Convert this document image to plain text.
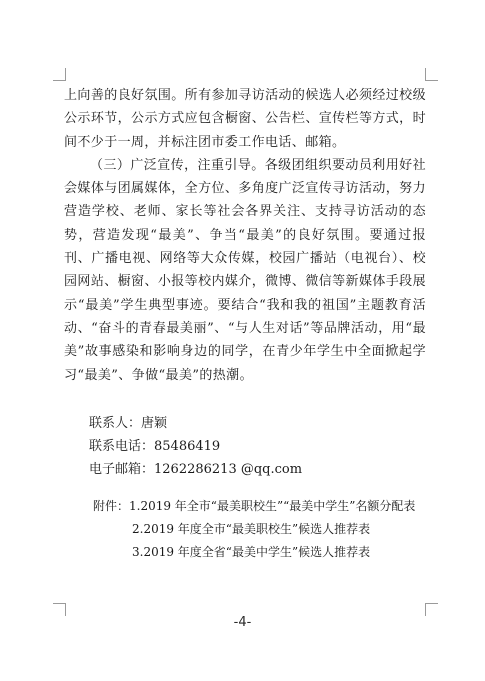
上向善的良好氛围。所有参加寻访活动的候选人必须经过校级公示环节，公示方式应包含橱窗、公告栏、宣传栏等方式，时间不少于一周，并标注团市委工作电话、邮箱。

（三）广泛宣传，注重引导。各级团组织要动员利用好社会媒体与团属媒体，全方位、多角度广泛宣传寻访活动，努力营造学校、老师、家长等社会各界关注、支持寻访活动的态势，营造发现“最美”、争当“最美”的良好氛围。要通过报刊、广播电视、网络等大众传媒，校园广播站（电视台）、校园网站、橱窗、小报等校内媒介，微博、微信等新媒体手段展示“最美”学生典型事迹。要结合“我和我的祖国”主题教育活动、“奋斗的青春最美丽”、“与人生对话”等品牌活动，用“最美”故事感染和影响身边的同学，在青少年学生中全面掀起学习“最美”、争做“最美”的热潮。

联系人：唐颖
联系电话：85486419
电子邮箱：1262286213 @qq.com
附件：1.2019 年全市“最美职校生”“最美中学生”名额分配表
2.2019 年度全市“最美职校生”候选人推荐表
3.2019 年度全省“最美中学生”候选人推荐表
-4-
